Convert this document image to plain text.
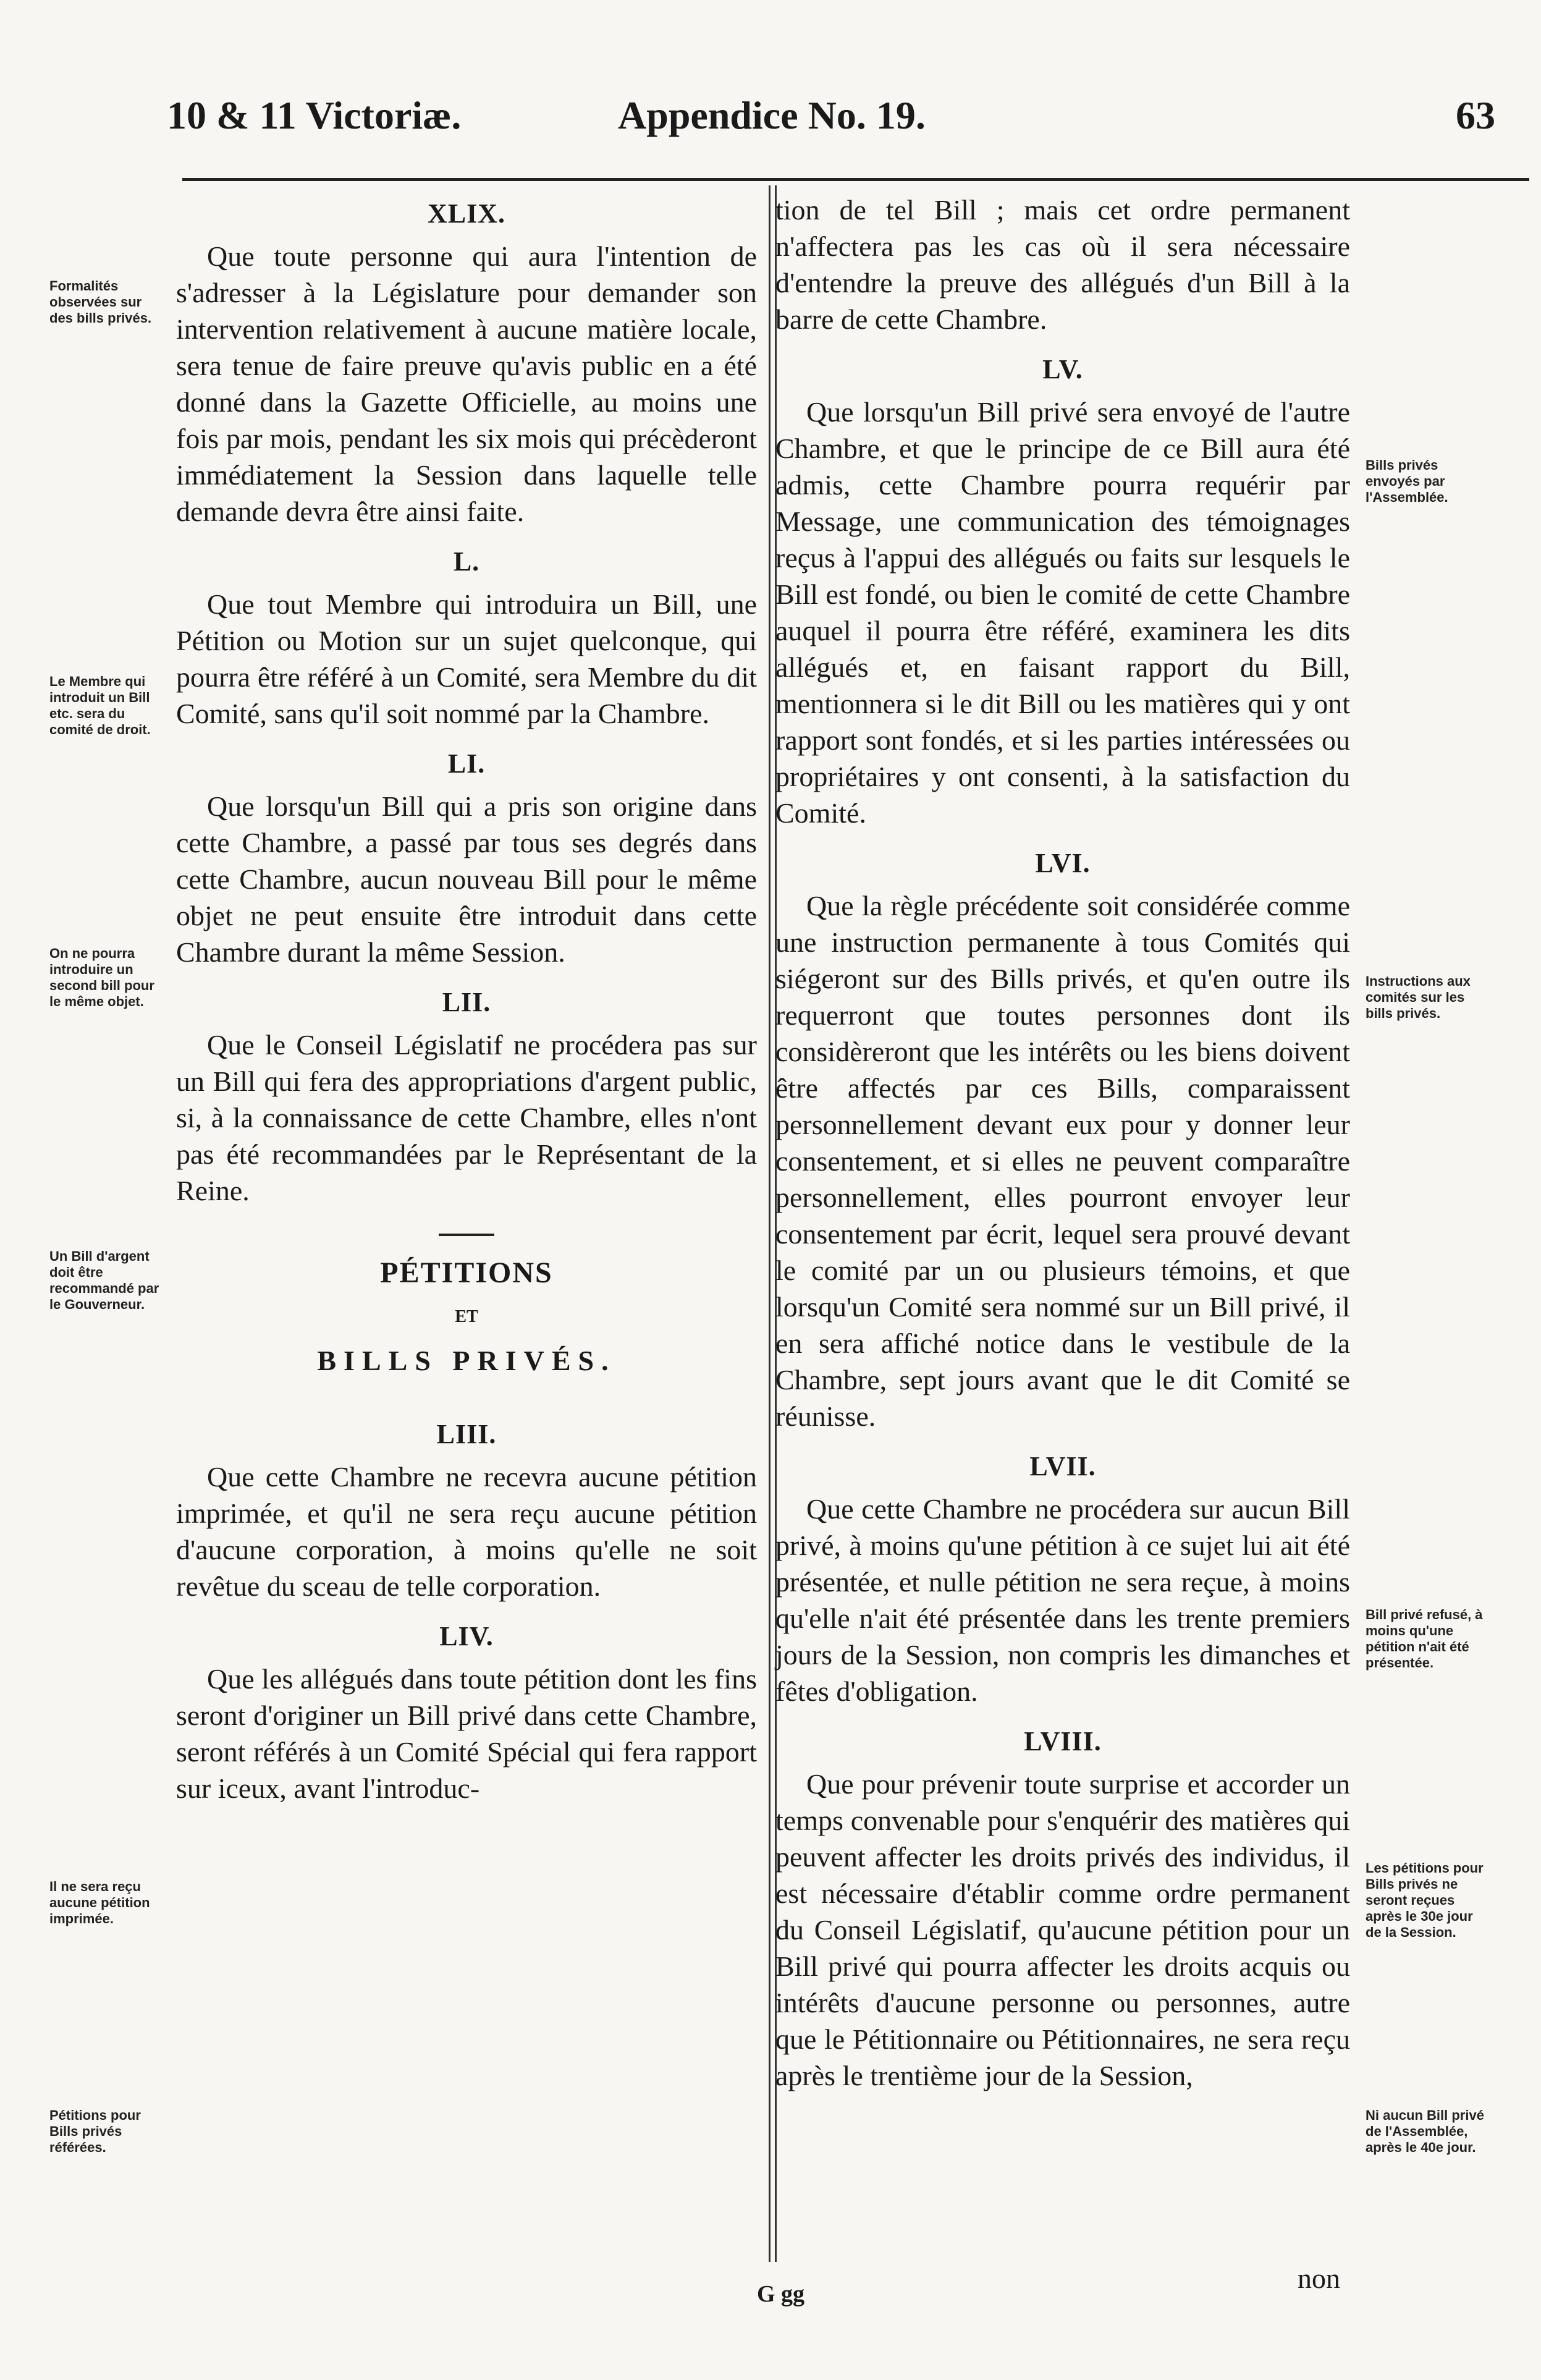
10 & 11 Victoriæ.	Appendice No. 19.	63
XLIX.

Que toute personne qui aura l'intention de s'adresser à la Législature pour demander son intervention relativement à aucune matière locale, sera tenue de faire preuve qu'avis public en a été donné dans la Gazette Officielle, au moins une fois par mois, pendant les six mois qui précèderont immédiatement la Session dans laquelle telle demande devra être ainsi faite.

L.

Que tout Membre qui introduira un Bill, une Pétition ou Motion sur un sujet quelconque, qui pourra être référé à un Comité, sera Membre du dit Comité, sans qu'il soit nommé par la Chambre.

LI.

Que lorsqu'un Bill qui a pris son origine dans cette Chambre, a passé par tous ses degrés dans cette Chambre, aucun nouveau Bill pour le même objet ne peut ensuite être introduit dans cette Chambre durant la même Session.

LII.

Que le Conseil Législatif ne procédera pas sur un Bill qui fera des appropriations d'argent public, si, à la connaissance de cette Chambre, elles n'ont pas été recommandées par le Représentant de la Reine.

PÉTITIONS
ET
BILLS PRIVÉS.
LIII.

Que cette Chambre ne recevra aucune pétition imprimée, et qu'il ne sera reçu aucune pétition d'aucune corporation, à moins qu'elle ne soit revêtue du sceau de telle corporation.

LIV.

Que les allégués dans toute pétition dont les fins seront d'originer un Bill privé dans cette Chambre, seront référés à un Comité Spécial qui fera rapport sur iceux, avant l'introduc-

tion de tel Bill ; mais cet ordre permanent n'affectera pas les cas où il sera nécessaire d'entendre la preuve des allégués d'un Bill à la barre de cette Chambre.

LV.

Que lorsqu'un Bill privé sera envoyé de l'autre Chambre, et que le principe de ce Bill aura été admis, cette Chambre pourra requérir par Message, une communication des témoignages reçus à l'appui des allégués ou faits sur lesquels le Bill est fondé, ou bien le comité de cette Chambre auquel il pourra être référé, examinera les dits allégués et, en faisant rapport du Bill, mentionnera si le dit Bill ou les matières qui y ont rapport sont fondés, et si les parties intéressées ou propriétaires y ont consenti, à la satisfaction du Comité.

LVI.

Que la règle précédente soit considérée comme une instruction permanente à tous Comités qui siégeront sur des Bills privés, et qu'en outre ils requerront que toutes personnes dont ils considèreront que les intérêts ou les biens doivent être affectés par ces Bills, comparaissent personnellement devant eux pour y donner leur consentement, et si elles ne peuvent comparaître personnellement, elles pourront envoyer leur consentement par écrit, lequel sera prouvé devant le comité par un ou plusieurs témoins, et que lorsqu'un Comité sera nommé sur un Bill privé, il en sera affiché notice dans le vestibule de la Chambre, sept jours avant que le dit Comité se réunisse.

LVII.

Que cette Chambre ne procédera sur aucun Bill privé, à moins qu'une pétition à ce sujet lui ait été présentée, et nulle pétition ne sera reçue, à moins qu'elle n'ait été présentée dans les trente premiers jours de la Session, non compris les dimanches et fêtes d'obligation.

LVIII.

Que pour prévenir toute surprise et accorder un temps convenable pour s'enquérir des matières qui peuvent affecter les droits privés des individus, il est nécessaire d'établir comme ordre permanent du Conseil Législatif, qu'aucune pétition pour un Bill privé qui pourra affecter les droits acquis ou intérêts d'aucune personne ou personnes, autre que le Pétitionnaire ou Pétitionnaires, ne sera reçu après le trentième jour de la Session,

non
G gg
Formalités observées sur des bills privés.
Le Membre qui introduit un Bill etc. sera du comité de droit.
On ne pourra introduire un second bill pour le même objet.
Un Bill d'argent doit être recommandé par le Gouverneur.
Il ne sera reçu aucune pétition imprimée.
Pétitions pour Bills privés référées.
Bills privés envoyés par l'Assemblée.
Instructions aux comités sur les bills privés.
Bill privé refusé, à moins qu'une pétition n'ait été présentée.
Les pétitions pour Bills privés ne seront reçues après le 30e jour de la Session.
Ni aucun Bill privé de l'Assemblée, après le 40e jour.
